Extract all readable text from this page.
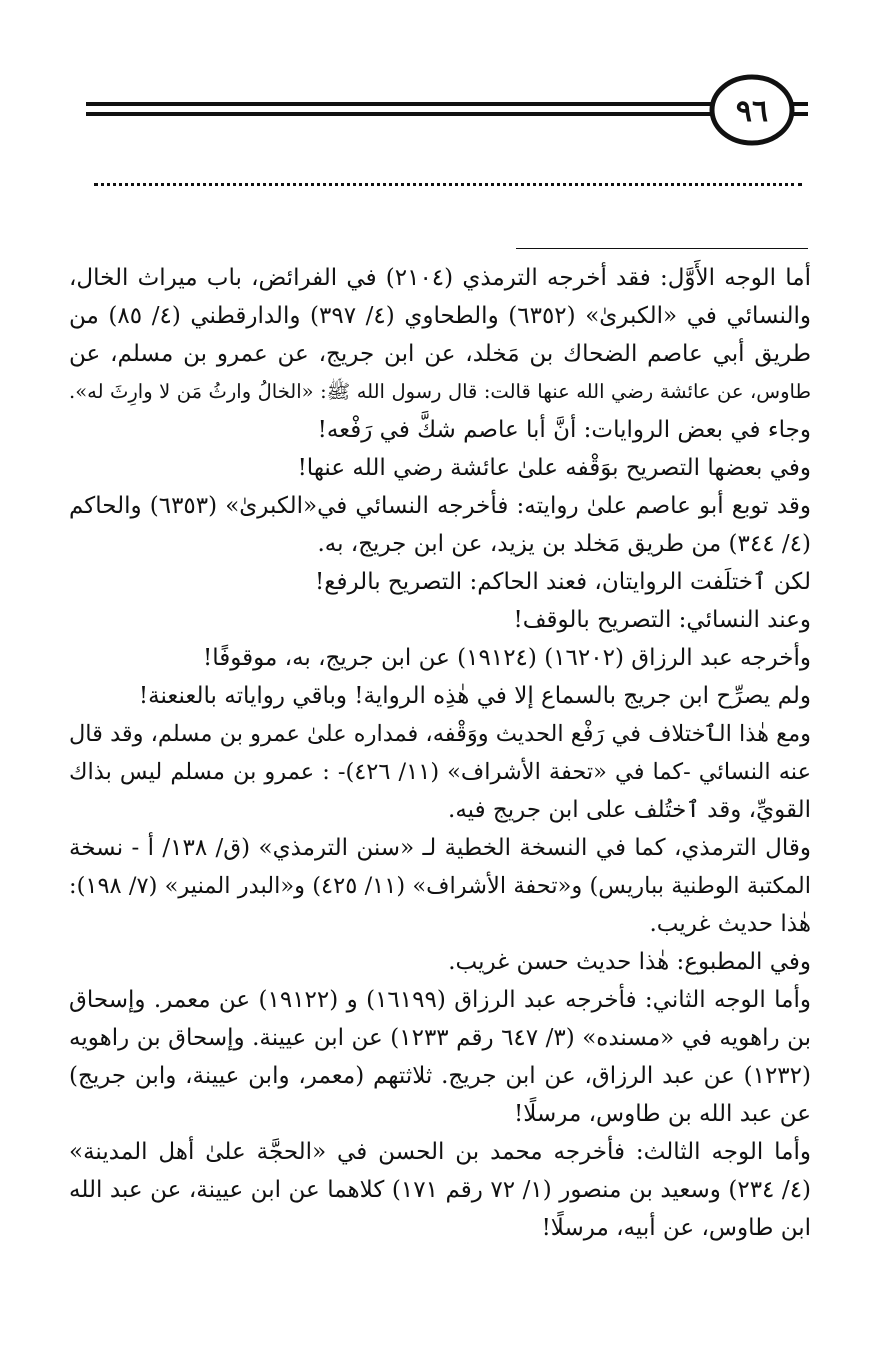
٩٦
أما الوجه الأَوَّل: فقد أخرجه الترمذي (٢١٠٤) في الفرائض، باب ميراث الخال،
والنسائي في «الكبرىٰ» (٦٣٥٢) والطحاوي (٤/ ٣٩٧) والدارقطني (٤/ ٨٥) من
طريق أبي عاصم الضحاك بن مَخلد، عن ابن جريج، عن عمرو بن مسلم، عن
طاوس، عن عائشة رضي الله عنها قالت: قال رسول الله ﷺ: «الخالُ وارثُ مَن لا وارِثَ له».
وجاء في بعض الروايات: أنَّ أبا عاصم شكَّ في رَفْعه!
وفي بعضها التصريح بوَقْفه علىٰ عائشة رضي الله عنها!
وقد توبع أبو عاصم علىٰ روايته: فأخرجه النسائي في«الكبرىٰ» (٦٣٥٣) والحاكم
(٤/ ٣٤٤) من طريق مَخلد بن يزيد، عن ابن جريج، به.
لكن ٱختلَفت الروايتان، فعند الحاكم: التصريح بالرفع!
وعند النسائي: التصريح بالوقف!
وأخرجه عبد الرزاق (١٦٢٠٢) (١٩١٢٤) عن ابن جريج، به، موقوفًا!
ولم يصرِّح ابن جريج بالسماع إلا في هٰذِه الرواية! وباقي رواياته بالعنعنة!
ومع هٰذا الٱختلاف في رَفْع الحديث ووَقْفه، فمداره علىٰ عمرو بن مسلم، وقد قال
عنه النسائي -كما في «تحفة الأشراف» (١١/ ٤٢٦)- : عمرو بن مسلم ليس بذاك
القويِّ، وقد ٱختُلف على ابن جريج فيه.
وقال الترمذي، كما في النسخة الخطية لـ «سنن الترمذي» (ق/ ١٣٨/ أ - نسخة
المكتبة الوطنية بباريس) و«تحفة الأشراف» (١١/ ٤٢٥) و«البدر المنير» (٧/ ١٩٨):
هٰذا حديث غريب.
وفي المطبوع: هٰذا حديث حسن غريب.
وأما الوجه الثاني: فأخرجه عبد الرزاق (١٦١٩٩) و (١٩١٢٢) عن معمر. وإسحاق
بن راهويه في «مسنده» (٣/ ٦٤٧ رقم ١٢٣٣) عن ابن عيينة. وإسحاق بن راهويه
(١٢٣٢) عن عبد الرزاق، عن ابن جريج. ثلاثتهم (معمر، وابن عيينة، وابن جريج)
عن عبد الله بن طاوس، مرسلًا!
وأما الوجه الثالث: فأخرجه محمد بن الحسن في «الحجَّة علىٰ أهل المدينة»
(٤/ ٢٣٤) وسعيد بن منصور (١/ ٧٢ رقم ١٧١) كلاهما عن ابن عيينة، عن عبد الله
ابن طاوس، عن أبيه، مرسلًا!
